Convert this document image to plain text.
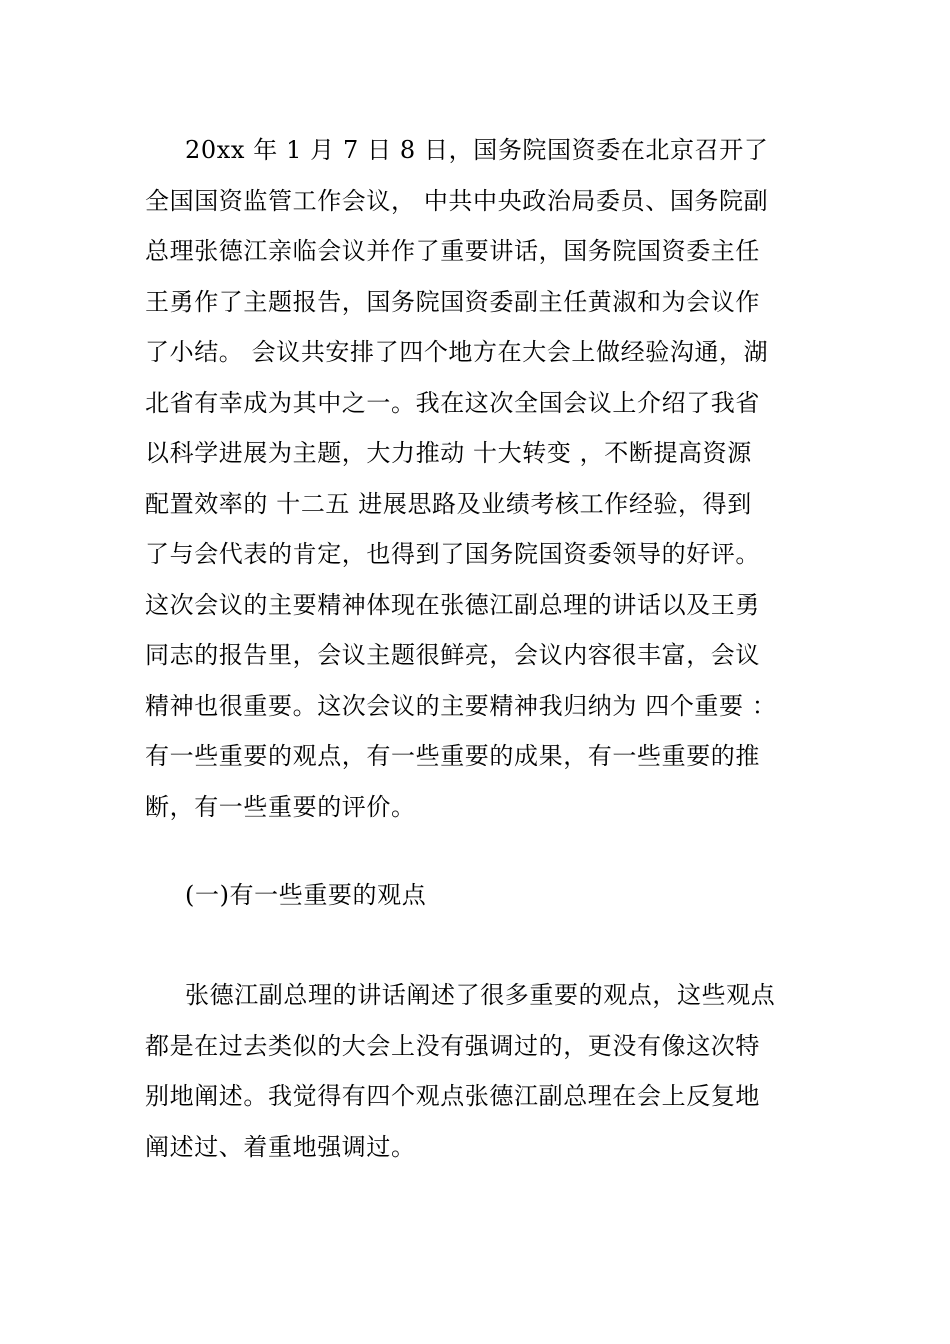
20xx 年 1 月 7 日 8 日，国务院国资委在北京召开了
全国国资监管工作会议， 中共中央政治局委员、国务院副
总理张德江亲临会议并作了重要讲话，国务院国资委主任
王勇作了主题报告，国务院国资委副主任黄淑和为会议作
了小结。 会议共安排了四个地方在大会上做经验沟通，湖
北省有幸成为其中之一。我在这次全国会议上介绍了我省
以科学进展为主题，大力推动 十大转变 ，不断提高资源
配置效率的 十二五 进展思路及业绩考核工作经验，得到
了与会代表的肯定，也得到了国务院国资委领导的好评。
这次会议的主要精神体现在张德江副总理的讲话以及王勇
同志的报告里，会议主题很鲜亮，会议内容很丰富，会议
精神也很重要。这次会议的主要精神我归纳为 四个重要 ：
有一些重要的观点，有一些重要的成果，有一些重要的推
断，有一些重要的评价。
(一)有一些重要的观点
张德江副总理的讲话阐述了很多重要的观点，这些观点
都是在过去类似的大会上没有强调过的，更没有像这次特
别地阐述。我觉得有四个观点张德江副总理在会上反复地
阐述过、着重地强调过。
